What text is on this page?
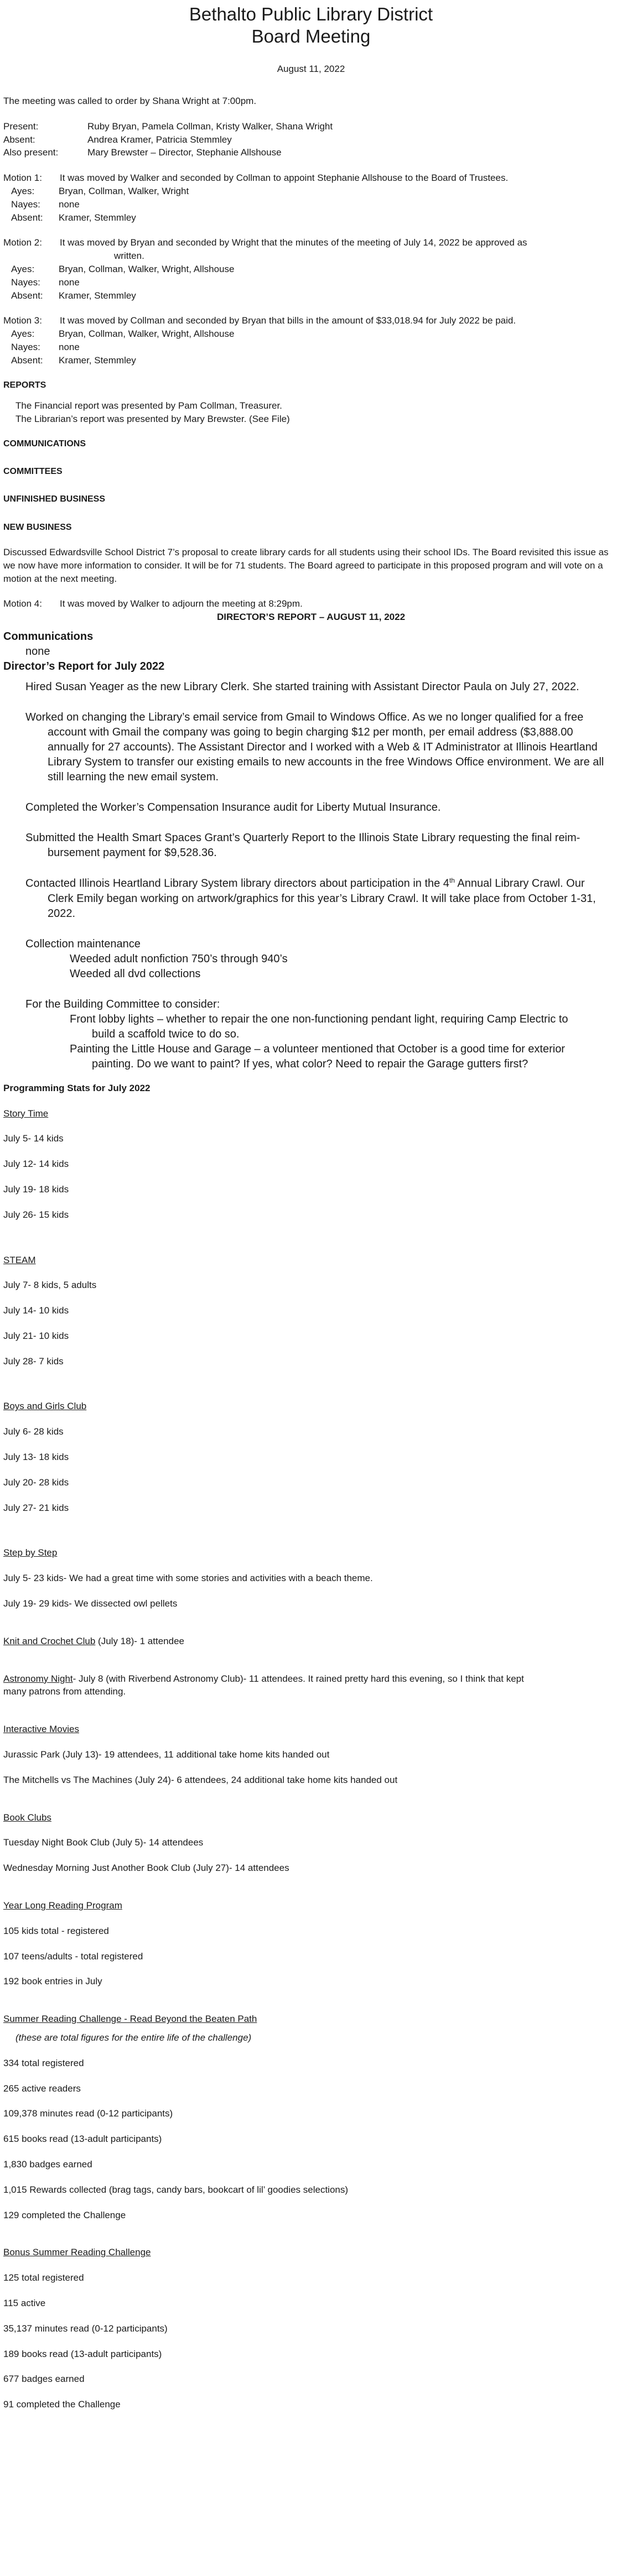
Bethalto Public Library District
Board Meeting
August 11, 2022

The meeting was called to order by Shana Wright at 7:00pm.

Present:	Ruby Bryan, Pamela Collman, Kristy Walker, Shana Wright
Absent:	Andrea Kramer, Patricia Stemmley
Also present:	Mary Brewster – Director, Stephanie Allshouse
Motion 1:	It was moved by Walker and seconded by Collman to appoint Stephanie Allshouse to the Board of Trustees.
Ayes:	Bryan, Collman, Walker, Wright
Nayes:	none
Absent:	Kramer, Stemmley
Motion 2:	It was moved by Bryan and seconded by Wright that the minutes of the meeting of July 14, 2022 be approved as
written.
Ayes:	Bryan, Collman, Walker, Wright, Allshouse
Nayes:	none
Absent:	Kramer, Stemmley
Motion 3:	It was moved by Collman and seconded by Bryan that bills in the amount of $33,018.94 for July 2022 be paid.
Ayes:	Bryan, Collman, Walker, Wright, Allshouse
Nayes:	none
Absent:	Kramer, Stemmley
REPORTS
The Financial report was presented by Pam Collman, Treasurer.
The Librarian’s report was presented by Mary Brewster. (See File)
COMMUNICATIONS
COMMITTEES
UNFINISHED BUSINESS
NEW BUSINESS

Discussed Edwardsville School District 7’s proposal to create library cards for all students using their school IDs. The Board revisited this issue as we now have more information to consider. It will be for 71 students. The Board agreed to participate in this proposed program and will vote on a motion at the next meeting.

Motion 4:	It was moved by Walker to adjourn the meeting at 8:29pm.
DIRECTOR’S REPORT – AUGUST 11, 2022
Communications
none
Director’s Report for July 2022
Hired Susan Yeager as the new Library Clerk. She started training with Assistant Director Paula on July 27, 2022.
Worked on changing the Library’s email service from Gmail to Windows Office. As we no longer qualified for a free
account with Gmail the company was going to begin charging $12 per month, per email address ($3,888.00 annually for 27 accounts). The Assistant Director and I worked with a Web & IT Administrator at Illinois Heartland Library System to transfer our existing emails to new accounts in the free Windows Office environment. We are all still learning the new email system.
Completed the Worker’s Compensation Insurance audit for Liberty Mutual Insurance.
Submitted the Health Smart Spaces Grant’s Quarterly Report to the Illinois State Library requesting the final reim-
bursement payment for $9,528.36.
Contacted Illinois Heartland Library System library directors about participation in the 4th Annual Library Crawl. Our
Clerk Emily began working on artwork/graphics for this year’s Library Crawl. It will take place from October 1-31, 2022.
Collection maintenance
Weeded adult nonfiction 750’s through 940’s
Weeded all dvd collections
For the Building Committee to consider:
Front lobby lights – whether to repair the one non-functioning pendant light, requiring Camp Electric to
build a scaffold twice to do so.
Painting the Little House and Garage – a volunteer mentioned that October is a good time for exterior
painting. Do we want to paint? If yes, what color? Need to repair the Garage gutters first?
Programming Stats for July 2022
Story Time
July 5- 14 kids
July 12- 14 kids
July 19- 18 kids
July 26- 15 kids
STEAM
July 7- 8 kids, 5 adults
July 14- 10 kids
July 21- 10 kids
July 28- 7 kids
Boys and Girls Club
July 6- 28 kids
July 13- 18 kids
July 20- 28 kids
July 27- 21 kids
Step by Step
July 5- 23 kids- We had a great time with some stories and activities with a beach theme.
July 19- 29 kids- We dissected owl pellets
Knit and Crochet Club (July 18)- 1 attendee
Astronomy Night- July 8 (with Riverbend Astronomy Club)- 11 attendees. It rained pretty hard this evening, so I think that kept
many patrons from attending.
Interactive Movies
Jurassic Park (July 13)- 19 attendees, 11 additional take home kits handed out
The Mitchells vs The Machines (July 24)- 6 attendees, 24 additional take home kits handed out
Book Clubs
Tuesday Night Book Club (July 5)- 14 attendees
Wednesday Morning Just Another Book Club (July 27)- 14 attendees
Year Long Reading Program
105 kids total - registered
107 teens/adults - total registered
192 book entries in July
Summer Reading Challenge - Read Beyond the Beaten Path
(these are total figures for the entire life of the challenge)
334 total registered
265 active readers
109,378 minutes read (0-12 participants)
615 books read (13-adult participants)
1,830 badges earned
1,015 Rewards collected (brag tags, candy bars, bookcart of lil’ goodies selections)
129 completed the Challenge
Bonus Summer Reading Challenge
125 total registered
115 active
35,137 minutes read (0-12 participants)
189 books read (13-adult participants)
677 badges earned
91 completed the Challenge
